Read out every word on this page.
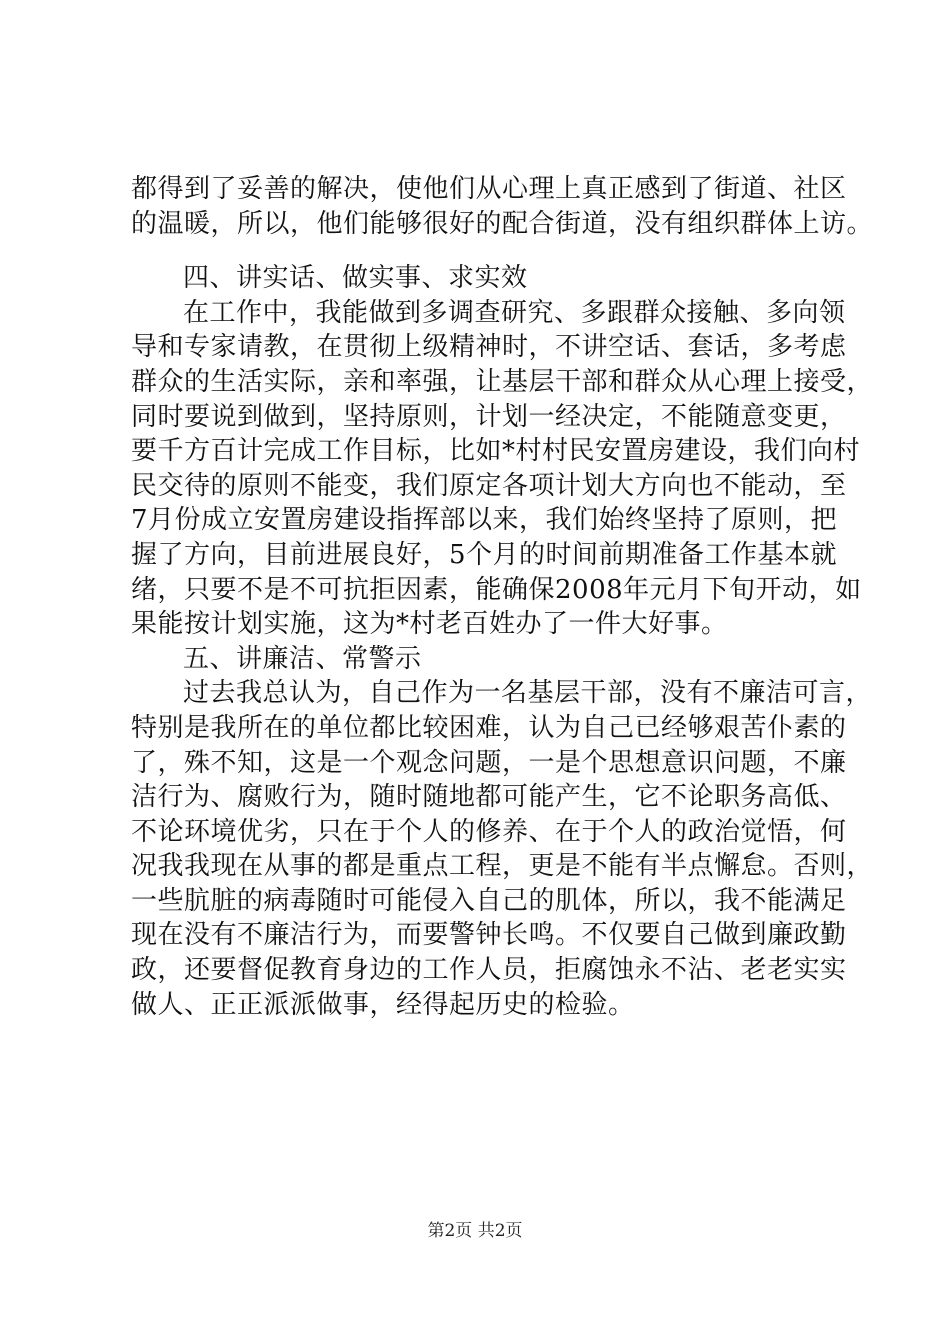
都得到了妥善的解决，使他们从心理上真正感到了街道、社区
的温暖，所以，他们能够很好的配合街道，没有组织群体上访。
四、讲实话、做实事、求实效
在工作中，我能做到多调查研究、多跟群众接触、多向领
导和专家请教，在贯彻上级精神时，不讲空话、套话，多考虑
群众的生活实际，亲和率强，让基层干部和群众从心理上接受，
同时要说到做到，坚持原则，计划一经决定，不能随意变更，
要千方百计完成工作目标，比如*村村民安置房建设，我们向村
民交待的原则不能变，我们原定各项计划大方向也不能动，至
7月份成立安置房建设指挥部以来，我们始终坚持了原则，把
握了方向，目前进展良好，5个月的时间前期准备工作基本就
绪，只要不是不可抗拒因素，能确保2008年元月下旬开动，如
果能按计划实施，这为*村老百姓办了一件大好事。
五、讲廉洁、常警示
过去我总认为，自己作为一名基层干部，没有不廉洁可言，
特别是我所在的单位都比较困难，认为自己已经够艰苦仆素的
了，殊不知，这是一个观念问题，一是个思想意识问题，不廉
洁行为、腐败行为，随时随地都可能产生，它不论职务高低、
不论环境优劣，只在于个人的修养、在于个人的政治觉悟，何
况我我现在从事的都是重点工程，更是不能有半点懈怠。否则，
一些肮脏的病毒随时可能侵入自己的肌体，所以，我不能满足
现在没有不廉洁行为，而要警钟长鸣。不仅要自己做到廉政勤
政，还要督促教育身边的工作人员，拒腐蚀永不沾、老老实实
做人、正正派派做事，经得起历史的检验。
第2页 共2页
